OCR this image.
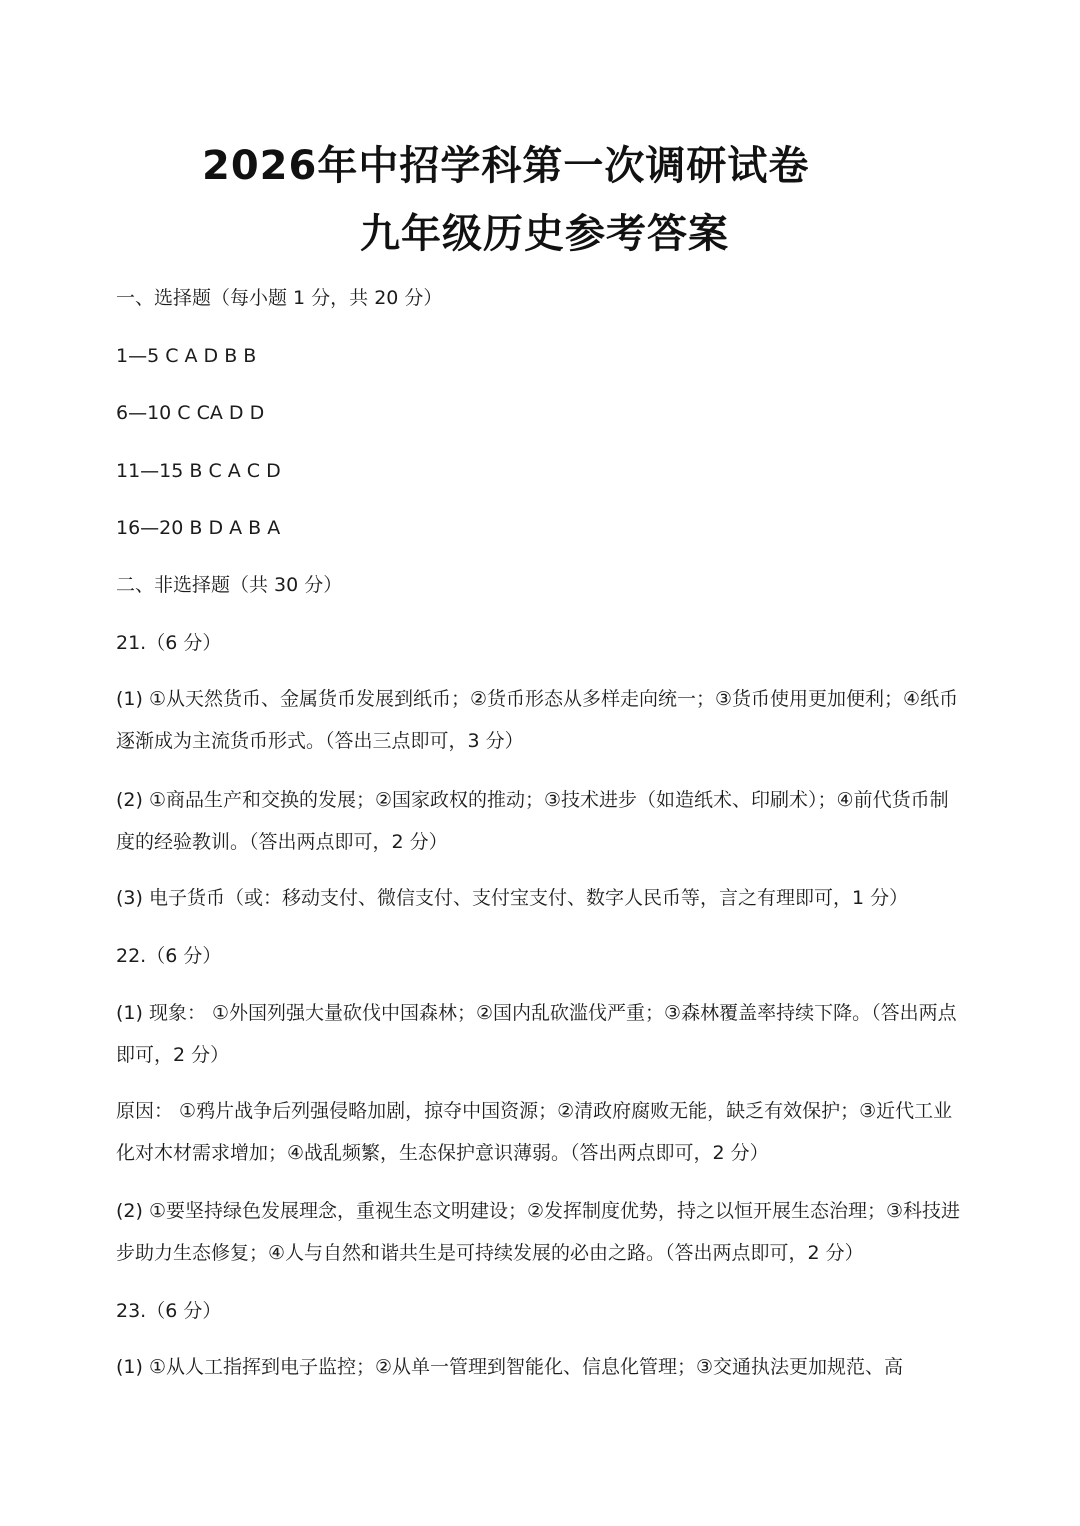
2026年中招学科第一次调研试卷
九年级历史参考答案
一、选择题（每小题 1 分，共 20 分）
1—5 C A D B B
6—10 C CA D D
11—15 B C A C D
16—20 B D A B A
二、非选择题（共 30 分）
21.（6 分）
(1) ①从天然货币、金属货币发展到纸币；②货币形态从多样走向统一；③货币使用更加便利；④纸币逐渐成为主流货币形式。（答出三点即可，3 分）
(2) ①商品生产和交换的发展；②国家政权的推动；③技术进步（如造纸术、印刷术）；④前代货币制度的经验教训。（答出两点即可，2 分）
(3) 电子货币（或：移动支付、微信支付、支付宝支付、数字人民币等，言之有理即可，1 分）
22.（6 分）
(1) 现象： ①外国列强大量砍伐中国森林；②国内乱砍滥伐严重；③森林覆盖率持续下降。（答出两点即可，2 分）
原因： ①鸦片战争后列强侵略加剧，掠夺中国资源；②清政府腐败无能，缺乏有效保护；③近代工业化对木材需求增加；④战乱频繁，生态保护意识薄弱。（答出两点即可，2 分）
(2) ①要坚持绿色发展理念，重视生态文明建设；②发挥制度优势，持之以恒开展生态治理；③科技进步助力生态修复；④人与自然和谐共生是可持续发展的必由之路。（答出两点即可，2 分）
23.（6 分）
(1) ①从人工指挥到电子监控；②从单一管理到智能化、信息化管理；③交通执法更加规范、高
